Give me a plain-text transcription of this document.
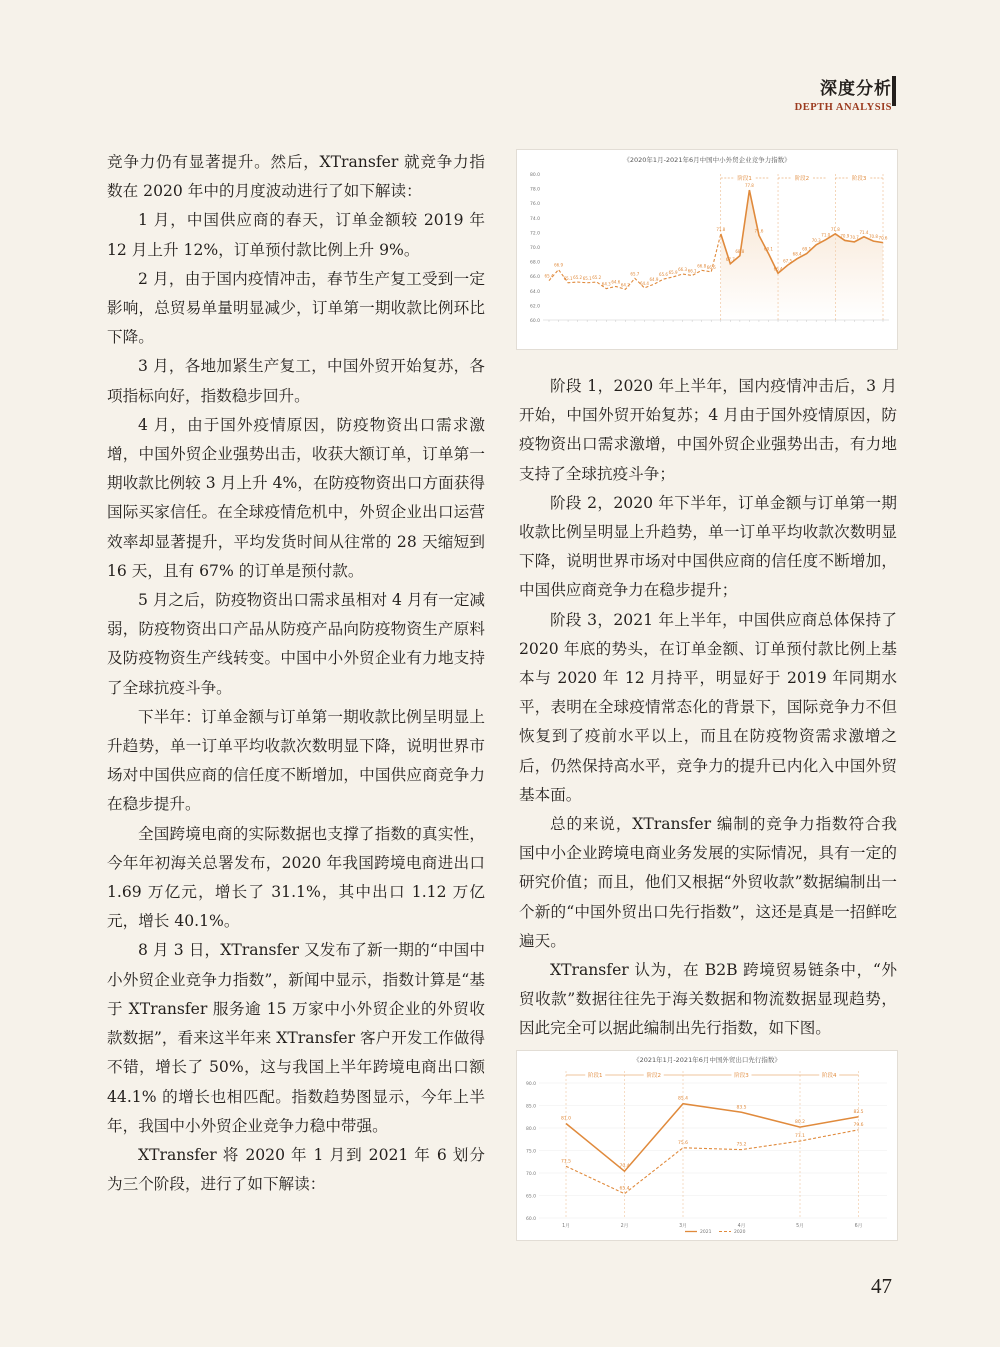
深度分析
DEPTH ANALYSIS

竞争力仍有显著提升。然后，XTransfer 就竞争力指数在 2020 年中的月度波动进行了如下解读：

1 月，中国供应商的春天，订单金额较 2019 年 12 月上升 12%，订单预付款比例上升 9%。

2 月，由于国内疫情冲击，春节生产复工受到一定影响，总贸易单量明显减少，订单第一期收款比例环比下降。

3 月，各地加紧生产复工，中国外贸开始复苏，各项指标向好，指数稳步回升。

4 月，由于国外疫情原因，防疫物资出口需求激增，中国外贸企业强势出击，收获大额订单，订单第一期收款比例较 3 月上升 4%，在防疫物资出口方面获得国际买家信任。在全球疫情危机中，外贸企业出口运营效率却显著提升，平均发货时间从往常的 28 天缩短到 16 天，且有 67% 的订单是预付款。

5 月之后，防疫物资出口需求虽相对 4 月有一定减弱，防疫物资出口产品从防疫产品向防疫物资生产原料及防疫物资生产线转变。中国中小外贸企业有力地支持了全球抗疫斗争。

下半年：订单金额与订单第一期收款比例呈明显上升趋势，单一订单平均收款次数明显下降，说明世界市场对中国供应商的信任度不断增加，中国供应商竞争力在稳步提升。

全国跨境电商的实际数据也支撑了指数的真实性，今年年初海关总署发布，2020 年我国跨境电商进出口 1.69 万亿元，增长了 31.1%，其中出口 1.12 万亿元，增长 40.1%。

8 月 3 日，XTransfer 又发布了新一期的“中国中小外贸企业竞争力指数”，新闻中显示，指数计算是“基于 XTransfer 服务逾 15 万家中小外贸企业的外贸收款数据”，看来这半年来 XTransfer 客户开发工作做得不错，增长了 50%，这与我国上半年跨境电商出口额 44.1% 的增长也相匹配。指数趋势图显示，今年上半年，我国中小外贸企业竞争力稳中带强。

XTransfer 将 2020 年 1 月到 2021 年 6 划分为三个阶段，进行了如下解读：

阶段 1，2020 年上半年，国内疫情冲击后，3 月开始，中国外贸开始复苏；4 月由于国外疫情原因，防疫物资出口需求激增，中国外贸企业强势出击，有力地支持了全球抗疫斗争；

阶段 2，2020 年下半年，订单金额与订单第一期收款比例呈明显上升趋势，单一订单平均收款次数明显下降，说明世界市场对中国供应商的信任度不断增加，中国供应商竞争力在稳步提升；

阶段 3，2021 年上半年，中国供应商总体保持了 2020 年底的势头，在订单金额、订单预付款比例上基本与 2020 年 12 月持平，明显好于 2019 年同期水平，表明在全球疫情常态化的背景下，国际竞争力不但恢复到了疫前水平以上，而且在防疫物资需求激增之后，仍然保持高水平，竞争力的提升已内化入中国外贸基本面。

总的来说，XTransfer 编制的竞争力指数符合我国中小企业跨境电商业务发展的实际情况，具有一定的研究价值；而且，他们又根据“外贸收款”数据编制出一个新的“中国外贸出口先行指数”，这还是真是一招鲜吃遍天。

XTransfer 认为，在 B2B 跨境贸易链条中，“外贸收款”数据往往先于海关数据和物流数据显现趋势，因此完全可以据此编制出先行指数，如下图。

《2020年1月-2021年6月中国中小外贸企业竞争力指数》
60.0
62.0
64.0
66.0
68.0
70.0
72.0
74.0
76.0
78.0
80.0
阶段1	阶段2	阶段3
65.4
66.9
65.1 65.2 65.1 65.2
64.3 64.6
64.2
65.7
64.4
64.9
65.6 65.9
66.3 66.1
66.8 66.6
71.8
67.7
68.8
77.8
71.6
69.1
66.4
67.5
68.4
69.1
70.3
71.0
71.8
70.9 70.7
71.4
70.8 70.6
《2021年1月-2021年6月中国外贸出口先行指数》
60.0
65.0
70.0
75.0
80.0
85.0
90.0
阶段1	阶段2	阶段3	阶段4
81.0
70.4
85.4
83.5
80.2
82.5
71.5
65.4
75.6	75.2
77.1
79.6
1月	2月	3月	4月	5月	6月
2021	2020
47
